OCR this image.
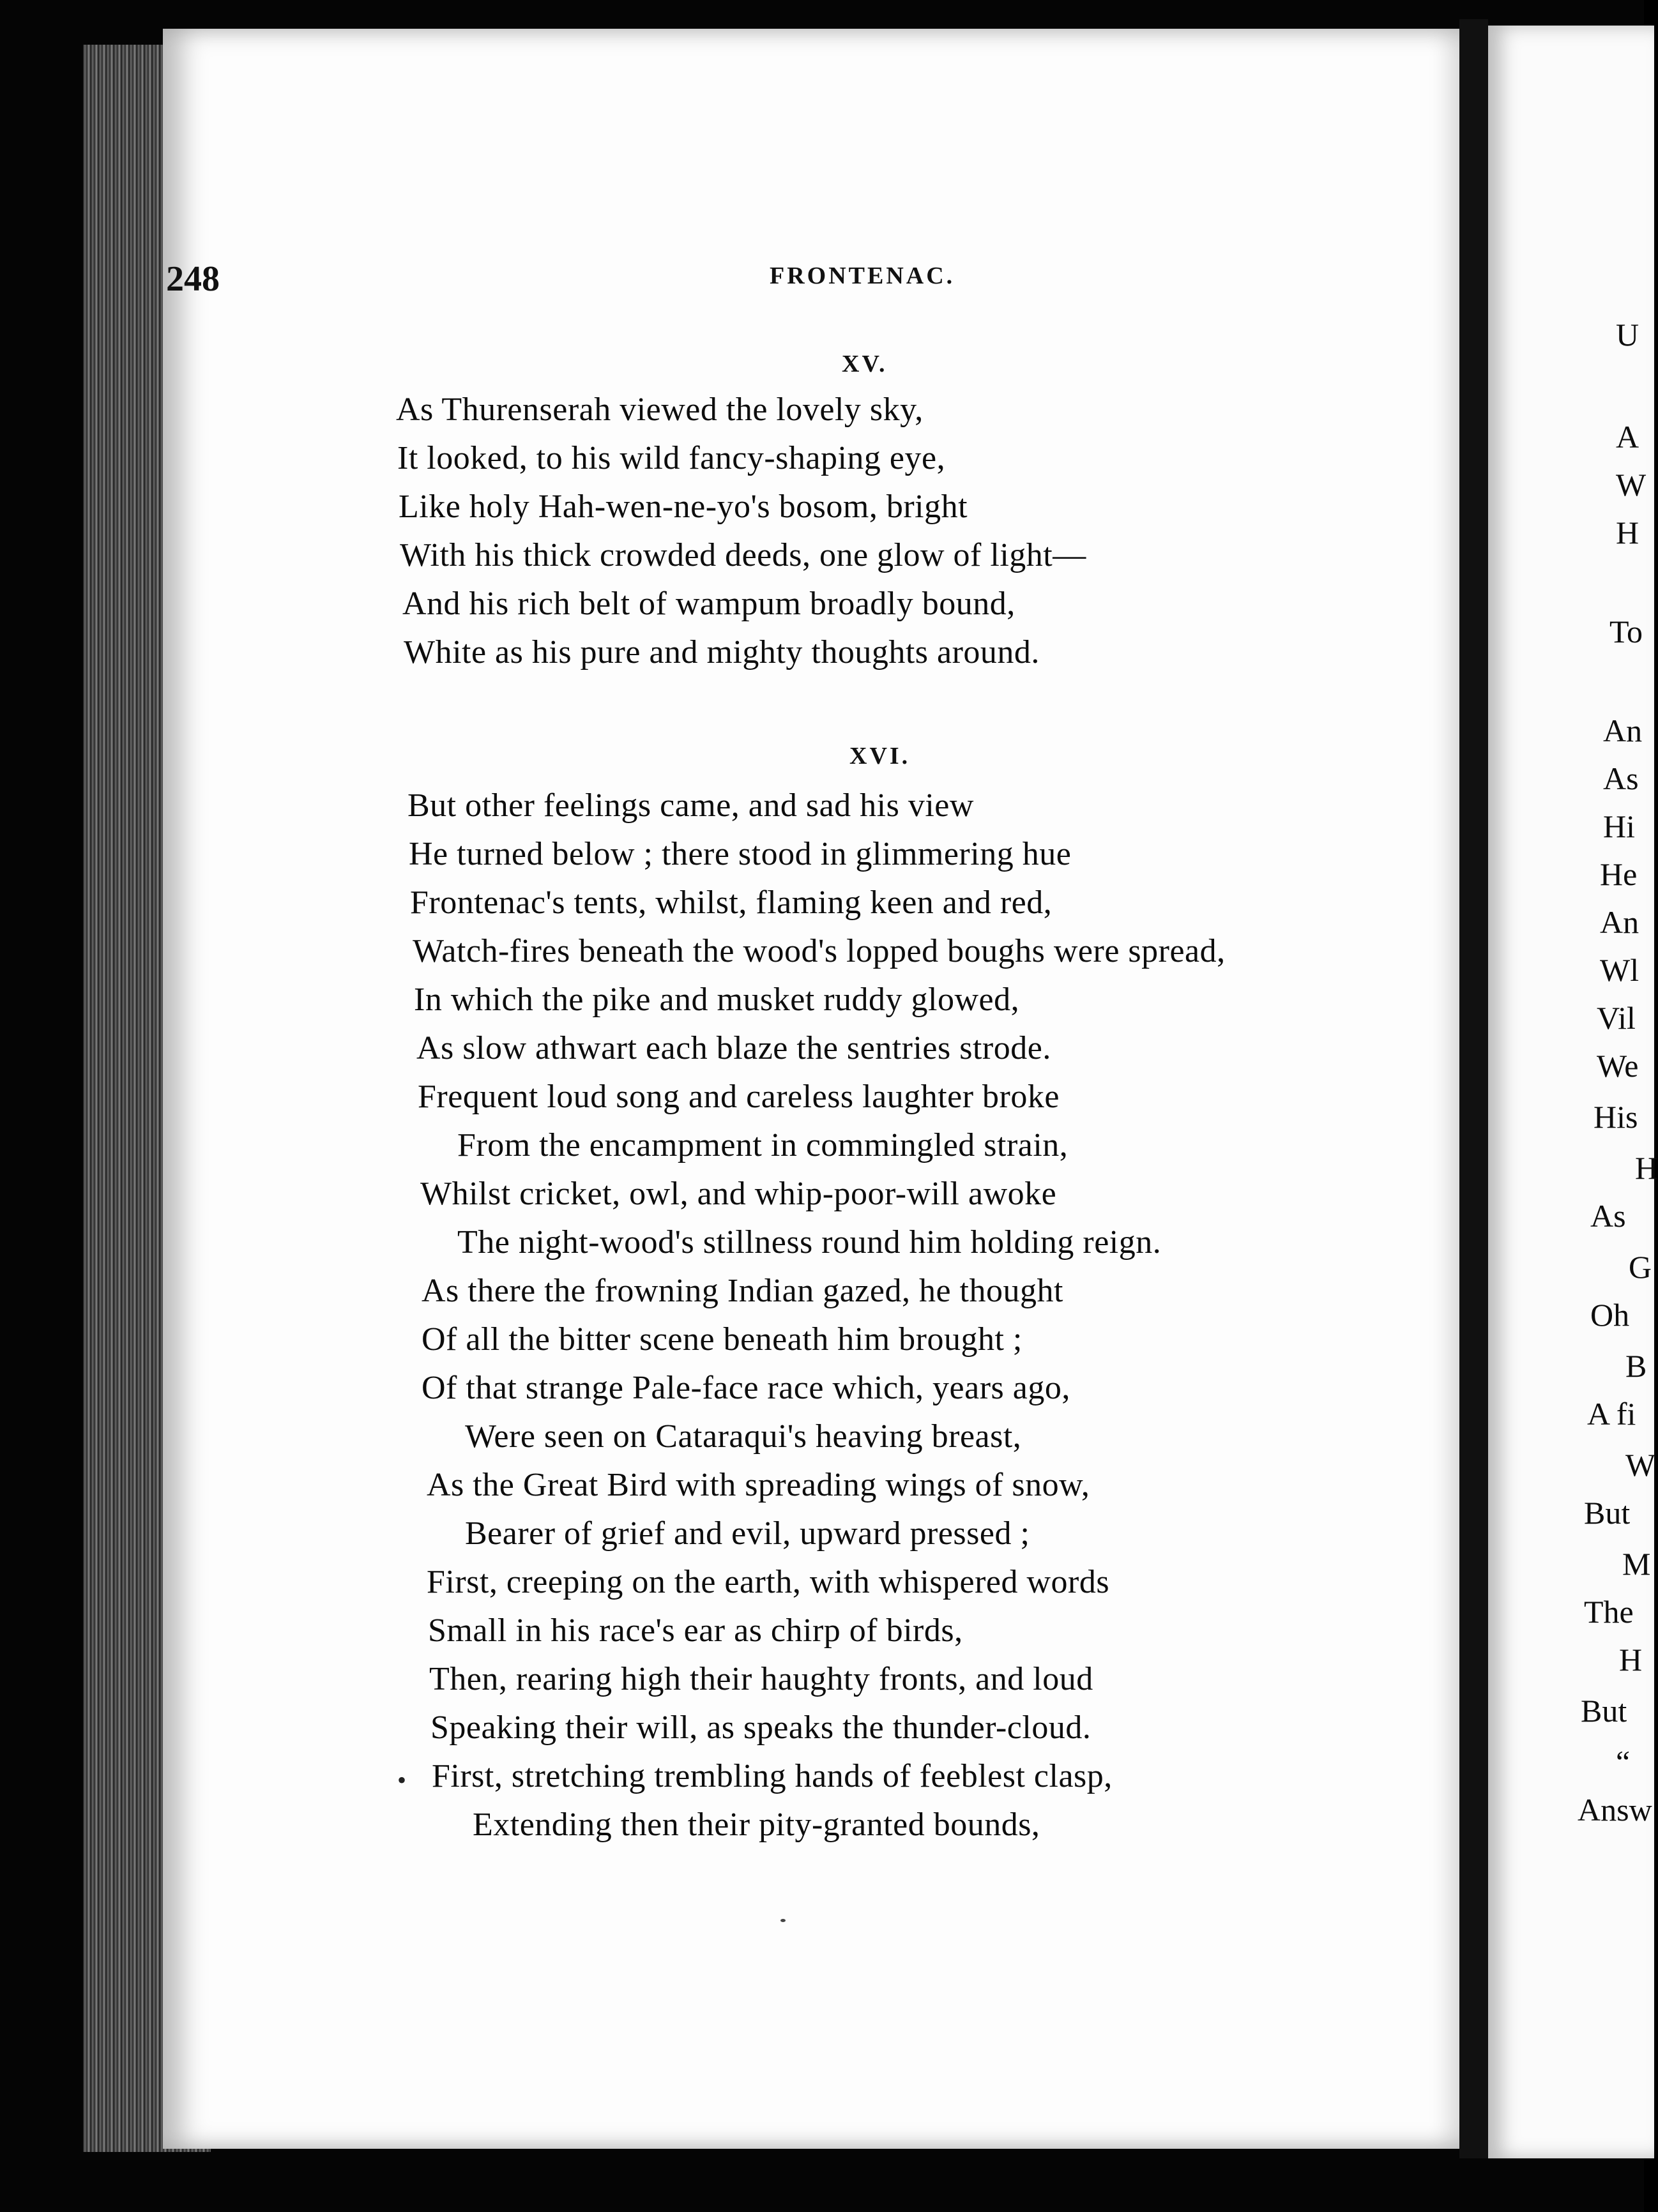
248	FRONTENAC.
XV.
As Thurenserah viewed the lovely sky,
It looked, to his wild fancy-shaping eye,
Like holy Hah-wen-ne-yo's bosom, bright
With his thick crowded deeds, one glow of light—
And his rich belt of wampum broadly bound,
White as his pure and mighty thoughts around.
XVI.
But other feelings came, and sad his view
He turned below ; there stood in glimmering hue
Frontenac's tents, whilst, flaming keen and red,
Watch-fires beneath the wood's lopped boughs were spread,
In which the pike and musket ruddy glowed,
As slow athwart each blaze the sentries strode.
Frequent loud song and careless laughter broke
From the encampment in commingled strain,
Whilst cricket, owl, and whip-poor-will awoke
The night-wood's stillness round him holding reign.
As there the frowning Indian gazed, he thought
Of all the bitter scene beneath him brought ;
Of that strange Pale-face race which, years ago,
Were seen on Cataraqui's heaving breast,
As the Great Bird with spreading wings of snow,
Bearer of grief and evil, upward pressed ;
First, creeping on the earth, with whispered words
Small in his race's ear as chirp of birds,
Then, rearing high their haughty fronts, and loud
Speaking their will, as speaks the thunder-cloud.
• First, stretching trembling hands of feeblest clasp,
Extending then their pity-granted bounds,
U
A
W
H
To
An
As
Hi
He
An
Wl
Vil
We
His
H
As
G
Oh
B
A fi
W
But
M
The
H
But
“
Answ
